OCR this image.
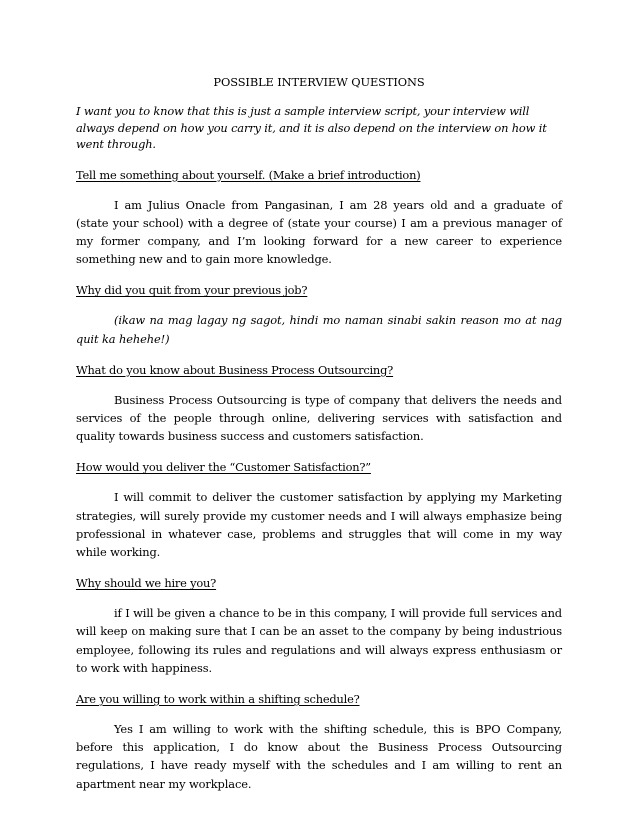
POSSIBLE INTERVIEW QUESTIONS

I want you to know that this is just a sample interview script, your interview will always depend on how you carry it, and it is also depend on the interview on how it went through.

Tell me something about yourself. (Make a brief introduction)

I am Julius Onacle from Pangasinan, I am 28 years old and a graduate of (state your school) with a degree of (state your course) I am a previous manager of my former company, and I’m looking forward for a new career to experience something new and to gain more knowledge.

Why did you quit from your previous job?

(ikaw na mag lagay ng sagot, hindi mo naman sinabi sakin reason mo at nag quit ka hehehe!)

What do you know about Business Process Outsourcing?

Business Process Outsourcing is type of company that delivers the needs and services of the people through online, delivering services with satisfaction and quality towards business success and customers satisfaction.

How would you deliver the “Customer Satisfaction?”

I will commit to deliver the customer satisfaction by applying my Marketing strategies, will surely provide my customer needs and I will always emphasize being professional in whatever case, problems and struggles that will come in my way while working.

Why should we hire you?

if I will be given a chance to be in this company, I will provide full services and will keep on making sure that I can be an asset to the company by being industrious employee, following its rules and regulations and will always express enthusiasm or to work with happiness.

Are you willing to work within a shifting schedule?

Yes I am willing to work with the shifting schedule, this is BPO Company, before this application, I do know about the Business Process Outsourcing regulations, I have ready myself with the schedules and I am willing to rent an apartment near my workplace.
